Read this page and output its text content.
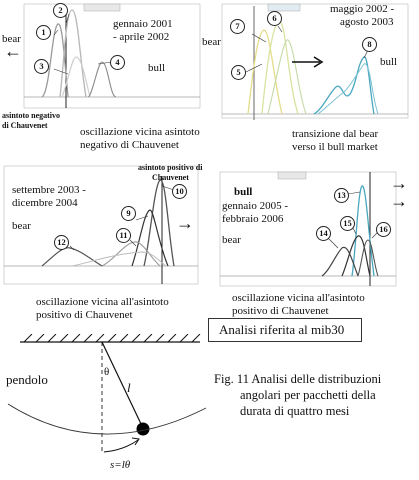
gennaio 2001
- aprile 2002
bear
←
bull
asintoto negativo
di Chauvenet
oscillazione vicina asintoto
negativo di Chauvenet
1
2
3	4
maggio 2002 -
agosto 2003
bear
bull
transizione dal bear
verso il bull market
5
6
7
8
settembre 2003 -
dicembre 2004
bear
asintoto positivo di
Chauvenet
→
oscillazione vicina all'asintoto
positivo di Chauvenet
9
10
11
12
→
→
bull
gennaio 2005 -
febbraio 2006
bear
oscillazione vicina all'asintoto
positivo di Chauvenet
13
14
15
16
Analisi riferita al mib30
pendolo	θ
l
s=lθ
Fig. 11 Analisi delle distribuzioni
angolari per pacchetti della
durata di quattro mesi
